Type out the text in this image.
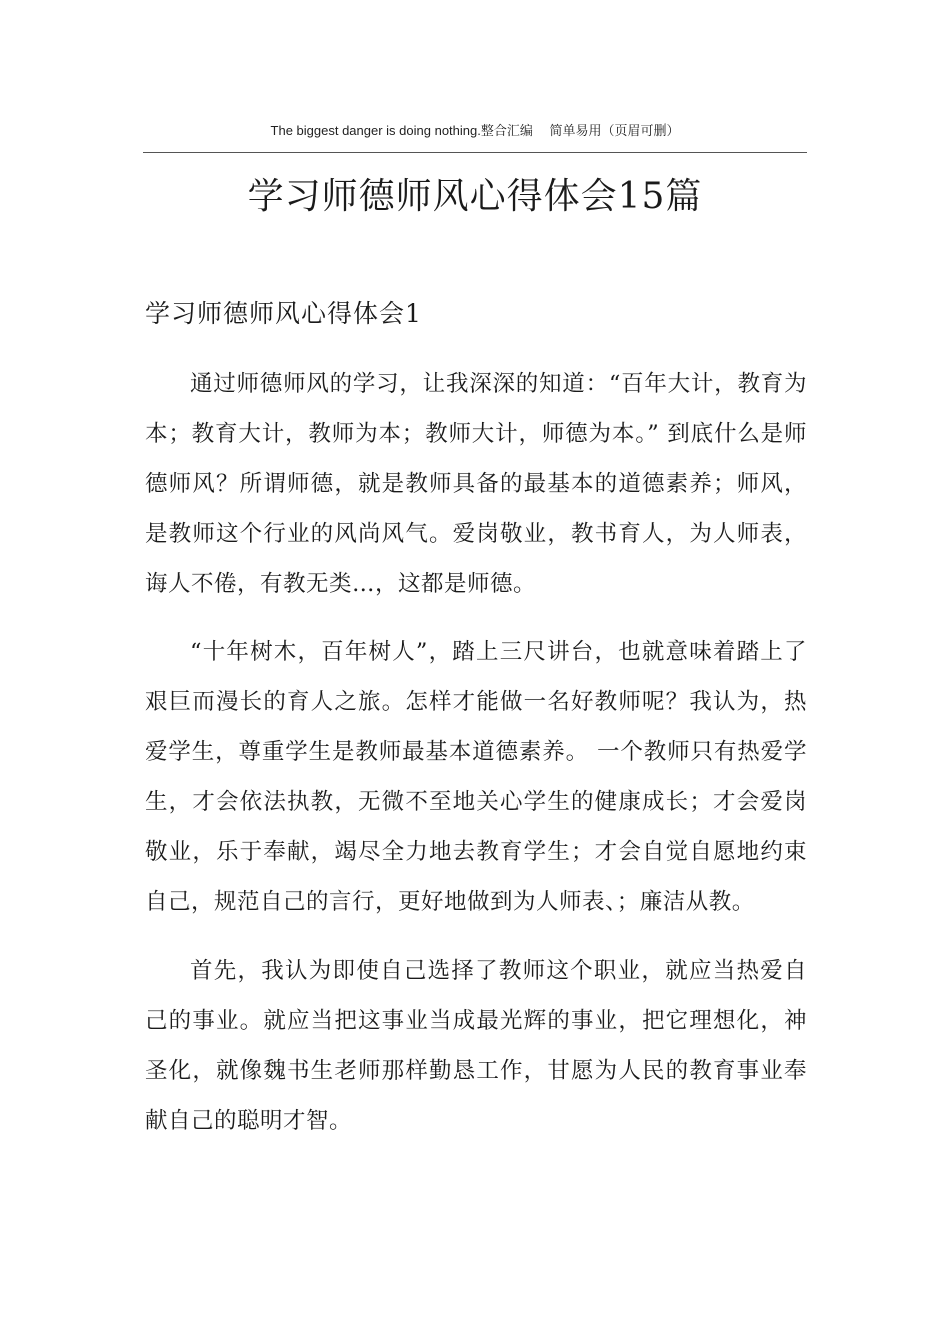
The biggest danger is doing nothing.整合汇编　 简单易用（页眉可删）
学习师德师风心得体会15篇
学习师德师风心得体会1

通过师德师风的学习，让我深深的知道：“百年大计，教育为本；教育大计，教师为本；教师大计，师德为本。” 到底什么是师德师风？所谓师德，就是教师具备的最基本的道德素养；师风，是教师这个行业的风尚风气。爱岗敬业，教书育人，为人师表，诲人不倦，有教无类…，这都是师德。

“十年树木，百年树人”，踏上三尺讲台，也就意味着踏上了艰巨而漫长的育人之旅。怎样才能做一名好教师呢？我认为，热爱学生，尊重学生是教师最基本道德素养。 一个教师只有热爱学生，才会依法执教，无微不至地关心学生的健康成长；才会爱岗敬业，乐于奉献，竭尽全力地去教育学生；才会自觉自愿地约束自己，规范自己的言行，更好地做到为人师表、；廉洁从教。

首先，我认为即使自己选择了教师这个职业，就应当热爱自己的事业。就应当把这事业当成最光辉的事业，把它理想化，神圣化，就像魏书生老师那样勤恳工作，甘愿为人民的教育事业奉献自己的聪明才智。
